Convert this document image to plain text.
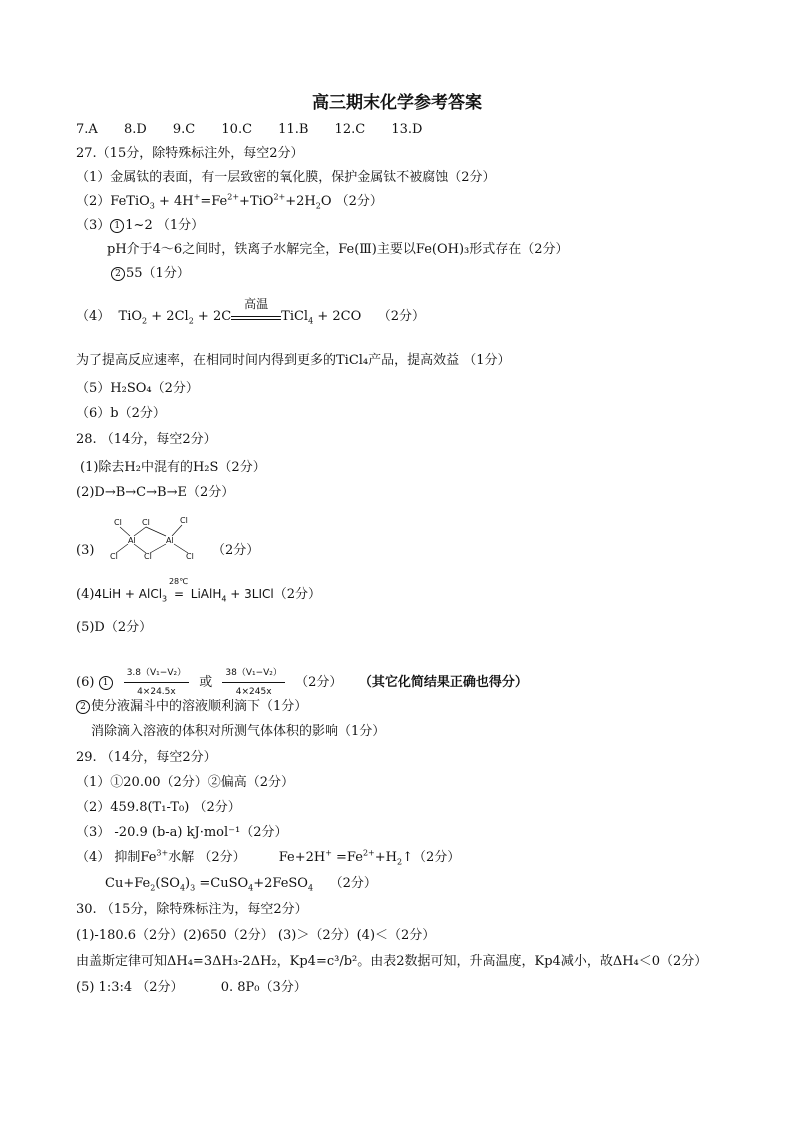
高三期末化学参考答案
7.A 8.D 9.C 10.C 11.B 12.C 13.D
27.（15分，除特殊标注外，每空2分）
（1）金属钛的表面，有一层致密的氧化膜，保护金属钛不被腐蚀（2分）
（2）FeTiO$_3$ + $4H^+=Fe^{2+}+TiO^{2+}+2H_2O$ （2分）
（3） 1 1~2 （1分）
pH介于4～6之间时，铁离子水解完全，Fe(Ⅲ)主要以Fe(OH)₃形式存在（2分）
2 55（1分）
（4）  $TiO_2 + 2Cl_2 + 2C$
高温
TiCl$_4$ + 2CO （2分）
为了提高反应速率，在相同时间内得到更多的TiCl₄产品，提高效益 （1分）
（5）H₂SO₄（2分）
（6）b（2分）
28. （14分，每空2分）
(1)除去H₂中混有的H₂S（2分）
(2)D→B→C→B→E（2分）
(3)
Cl	Cl	Cl
Al	Al
Cl	Cl	Cl （2分）
(4)4LiH + AlCl$_3$
28℃
= LiAlH$_4$ + 3LICl（2分）
(5)D（2分）
(6) $1 \frac{\text{3.8（V₁−V₂）}}{4\times 24.5x}$ 或 $\frac{\text{38（V₁−V₂）}}{4\times 245x} (2$分） （其它化简结果正确也得分）
2 使分液漏斗中的溶液顺利滴下（1分）
消除滴入溶液的体积对所测气体体积的影响（1分）
29. （14分，每空2分）
（1）①20.00（2分）②偏高（2分）
（2）459.8(T₁-T₀) （2分）
（3） -20.9 (b-a) kJ·mol⁻¹（2分）
（4） 抑制$Fe^{3+}$水解 （2分）	$Fe+2H^+ =Fe^{2+}+H_2↑(2$分）
$Cu+Fe_2(SO_4)_3$ =CuSO$_4$+2FeSO$_4$ （2分）
30. （15分，除特殊标注为，每空2分）
(1)-180.6（2分）(2)650（2分） (3)＞（2分）(4)＜（2分）
由盖斯定律可知ΔH₄=3ΔH₃-2ΔH₂，Kp4=c³/b²。由表2数据可知，升高温度，Kp4减小，故ΔH₄＜0（2分）
(5) 1:3:4 （2分）	0. 8P₀（3分）
